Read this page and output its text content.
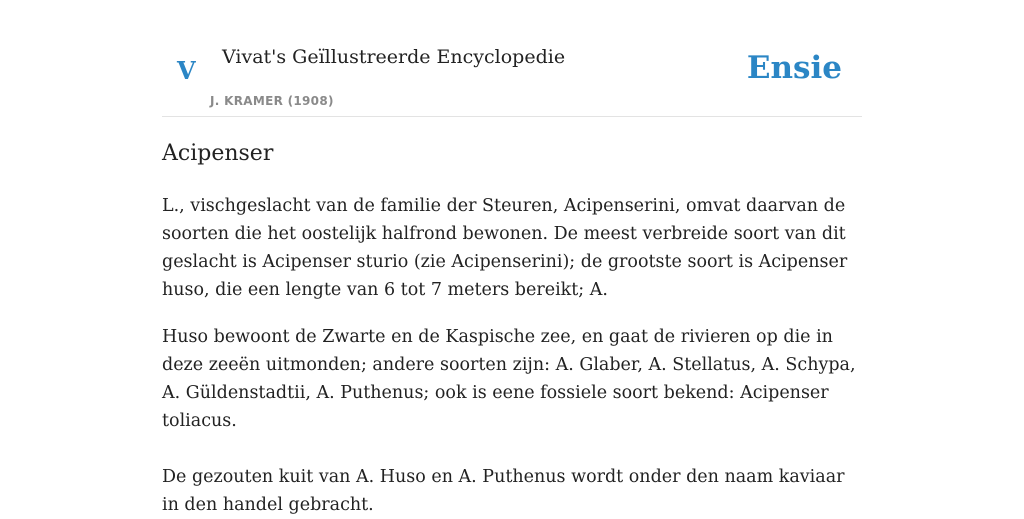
V Vivat's Geïllustreerde Encyclopedie
J. KRAMER (1908)
Ensie
Acipenser

L., vischgeslacht van de familie der Steuren, Acipenserini, omvat daarvan de soorten die het oostelijk halfrond bewonen. De meest verbreide soort van dit geslacht is Acipenser sturio (zie Acipenserini); de grootste soort is Acipenser huso, die een lengte van 6 tot 7 meters bereikt; A.

Huso bewoont de Zwarte en de Kaspische zee, en gaat de rivieren op die in deze zeeën uitmonden; andere soorten zijn: A. Glaber, A. Stellatus, A. Schypa, A. Güldenstadtii, A. Puthenus; ook is eene fossiele soort bekend: Acipenser toliacus.

De gezouten kuit van A. Huso en A. Puthenus wordt onder den naam kaviaar in den handel gebracht.
